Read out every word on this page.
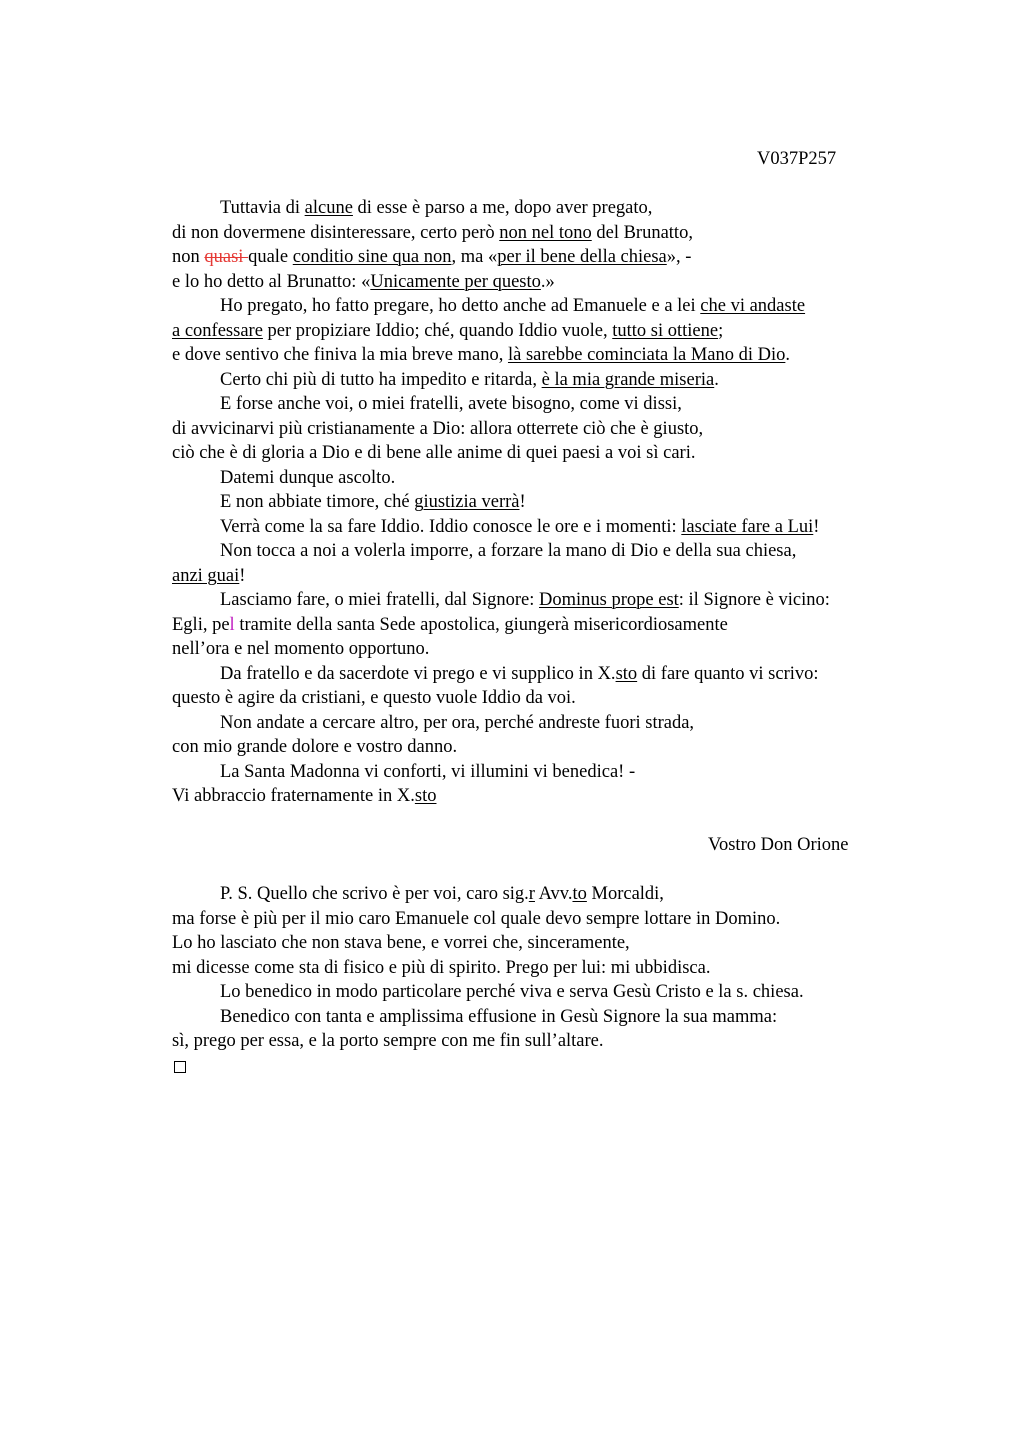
V037P257
Tuttavia di alcune di esse è parso a me, dopo aver pregato,
di non dovermene disinteressare, certo però non nel tono del Brunatto,
non quasi quale conditio sine qua non, ma «per il bene della chiesa», -
e lo ho detto al Brunatto: «Unicamente per questo.»
Ho pregato, ho fatto pregare, ho detto anche ad Emanuele e a lei che vi andaste
a confessare per propiziare Iddio; ché, quando Iddio vuole, tutto si ottiene;
e dove sentivo che finiva la mia breve mano, là sarebbe cominciata la Mano di Dio.
Certo chi più di tutto ha impedito e ritarda, è la mia grande miseria.
E forse anche voi, o miei fratelli, avete bisogno, come vi dissi,
di avvicinarvi più cristianamente a Dio: allora otterrete ciò che è giusto,
ciò che è di gloria a Dio e di bene alle anime di quei paesi a voi sì cari.
Datemi dunque ascolto.
E non abbiate timore, ché giustizia verrà!
Verrà come la sa fare Iddio. Iddio conosce le ore e i momenti: lasciate fare a Lui!
Non tocca a noi a volerla imporre, a forzare la mano di Dio e della sua chiesa,
anzi guai!
Lasciamo fare, o miei fratelli, dal Signore: Dominus prope est: il Signore è vicino:
Egli, pel tramite della santa Sede apostolica, giungerà misericordiosamente
nell’ora e nel momento opportuno.
Da fratello e da sacerdote vi prego e vi supplico in X.sto di fare quanto vi scrivo:
questo è agire da cristiani, e questo vuole Iddio da voi.
Non andate a cercare altro, per ora, perché andreste fuori strada,
con mio grande dolore e vostro danno.
La Santa Madonna vi conforti, vi illumini vi benedica! -
Vi abbraccio fraternamente in X.sto
Vostro Don Orione
P. S. Quello che scrivo è per voi, caro sig.r Avv.to Morcaldi,
ma forse è più per il mio caro Emanuele col quale devo sempre lottare in Domino.
Lo ho lasciato che non stava bene, e vorrei che, sinceramente,
mi dicesse come sta di fisico e più di spirito. Prego per lui: mi ubbidisca.
Lo benedico in modo particolare perché viva e serva Gesù Cristo e la s. chiesa.
Benedico con tanta e amplissima effusione in Gesù Signore la sua mamma:
sì, prego per essa, e la porto sempre con me fin sull’altare.
